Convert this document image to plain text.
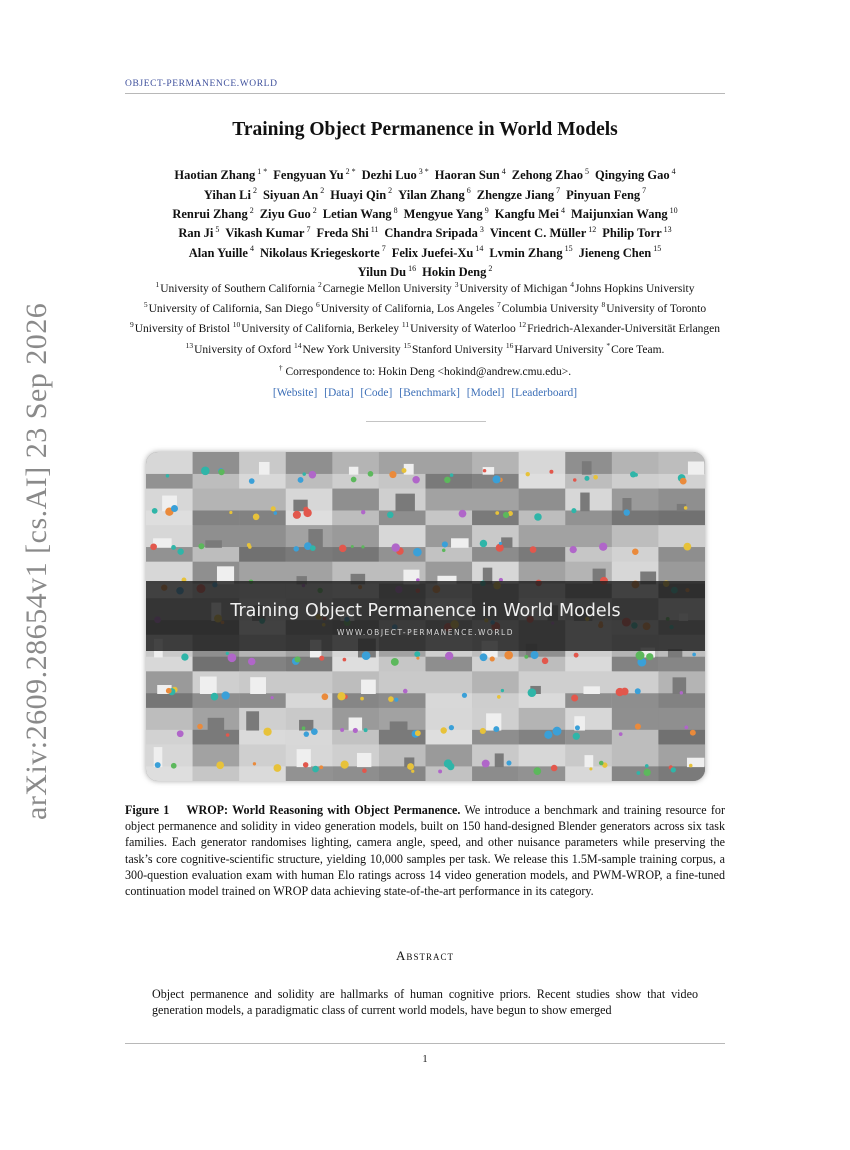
arXiv:2609.28654v1 [cs.AI] 23 Sep 2026
OBJECT-PERMANENCE.WORLD
Training Object Permanence in World Models
Haotian Zhang $^{1 *}$ Fengyuan Yu $^{2 *}$ Dezhi Luo $^{3 *}$ Haoran Sun $^4$ Zehong Zhao $^5$ Qingying Gao $^4$
Yihan Li $^2$ Siyuan An $^2$ Huayi Qin $^2$ Yilan Zhang $^6$ Zhengze Jiang $^7$ Pinyuan Feng $^7$
Renrui Zhang $^2$ Ziyu Guo $^2$ Letian Wang $^8$ Mengyue Yang $^9$ Kangfu Mei $^4$ Maijunxian Wang $^{10}$
Ran Ji $^5$ Vikash Kumar $^7$ Freda Shi $^{11}$ Chandra Sripada $^3$ Vincent C. Müller $^{12}$ Philip Torr $^{13}$
Alan Yuille $^4$ Nikolaus Kriegeskorte $^7$ Felix Juefei-Xu $^{14}$ Lvmin Zhang $^{15}$ Jieneng Chen $^{15}$
Yilun Du $^{16}$ Hokin Deng $^2$
$^1$University of Southern California $^2$Carnegie Mellon University $^3$University of Michigan $^4$Johns Hopkins University $^5$University of California, San Diego $^6$University of California, Los Angeles $^7$Columbia University $^8$University of Toronto $^9$University of Bristol $^{10}$University of California, Berkeley $^{11}$University of Waterloo $^{12}$Friedrich-Alexander-Universität Erlangen $^{13}$University of Oxford $^{14}$New York University $^{15}$Stanford University $^{16}$Harvard University *Core Team.
† Correspondence to: Hokin Deng <hokind@andrew.cmu.edu>.
[Website] [Data] [Code] [Benchmark] [Model] [Leaderboard]
Training Object Permanence in World Models
WWW.OBJECT-PERMANENCE.WORLD
Figure 1 WROP: World Reasoning with Object Permanence. We introduce a benchmark and training resource for object permanence and solidity in video generation models, built on 150 hand-designed Blender generators across six task families. Each generator randomises lighting, camera angle, speed, and other nuisance parameters while preserving the task’s core cognitive-scientific structure, yielding 10,000 samples per task. We release this 1.5M-sample training corpus, a 300-question evaluation exam with human Elo ratings across 14 video generation models, and PWM-WROP, a fine-tuned continuation model trained on WROP data achieving state-of-the-art performance in its category.
Abstract
Object permanence and solidity are hallmarks of human cognitive priors. Recent studies show that video generation models, a paradigmatic class of current world models, have begun to show emerged
1
